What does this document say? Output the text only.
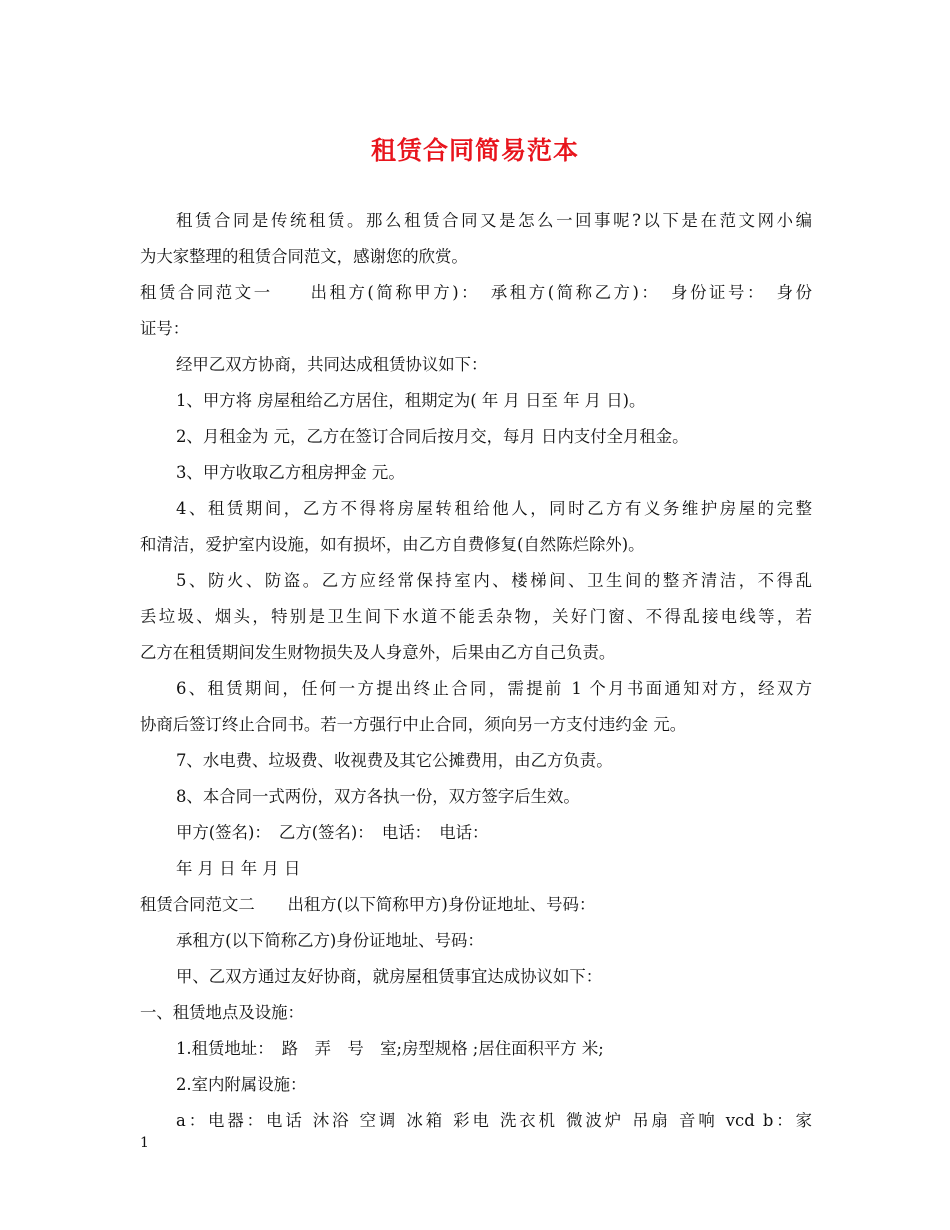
租赁合同简易范本
租赁合同是传统租赁。那么租赁合同又是怎么一回事呢?以下是在范文网小编
为大家整理的租赁合同范文，感谢您的欣赏。
租赁合同范文一　　出租方(简称甲方)：　承租方(简称乙方)：　身份证号：　身份
证号：
经甲乙双方协商，共同达成租赁协议如下：
1、甲方将 房屋租给乙方居住，租期定为( 年 月 日至 年 月 日)。
2、月租金为 元，乙方在签订合同后按月交，每月 日内支付全月租金。
3、甲方收取乙方租房押金 元。
4、租赁期间，乙方不得将房屋转租给他人，同时乙方有义务维护房屋的完整
和清洁，爱护室内设施，如有损坏，由乙方自费修复(自然陈烂除外)。
5、防火、防盗。乙方应经常保持室内、楼梯间、卫生间的整齐清洁，不得乱
丢垃圾、烟头，特别是卫生间下水道不能丢杂物，关好门窗、不得乱接电线等，若
乙方在租赁期间发生财物损失及人身意外，后果由乙方自己负责。
6、租赁期间，任何一方提出终止合同，需提前 1 个月书面通知对方，经双方
协商后签订终止合同书。若一方强行中止合同，须向另一方支付违约金 元。
7、水电费、垃圾费、收视费及其它公摊费用，由乙方负责。
8、本合同一式两份，双方各执一份，双方签字后生效。
甲方(签名)：　乙方(签名)：　电话：　电话：
年 月 日 年 月 日
租赁合同范文二　　出租方(以下简称甲方)身份证地址、号码：
承租方(以下简称乙方)身份证地址、号码：
甲、乙双方通过友好协商，就房屋租赁事宜达成协议如下：
一、租赁地点及设施：
1.租赁地址：　路　弄　号　室;房型规格 ;居住面积平方 米;
2.室内附属设施：
a：电器：电话 沐浴 空调 冰箱 彩电 洗衣机 微波炉 吊扇 音响 vcd b：家
1
